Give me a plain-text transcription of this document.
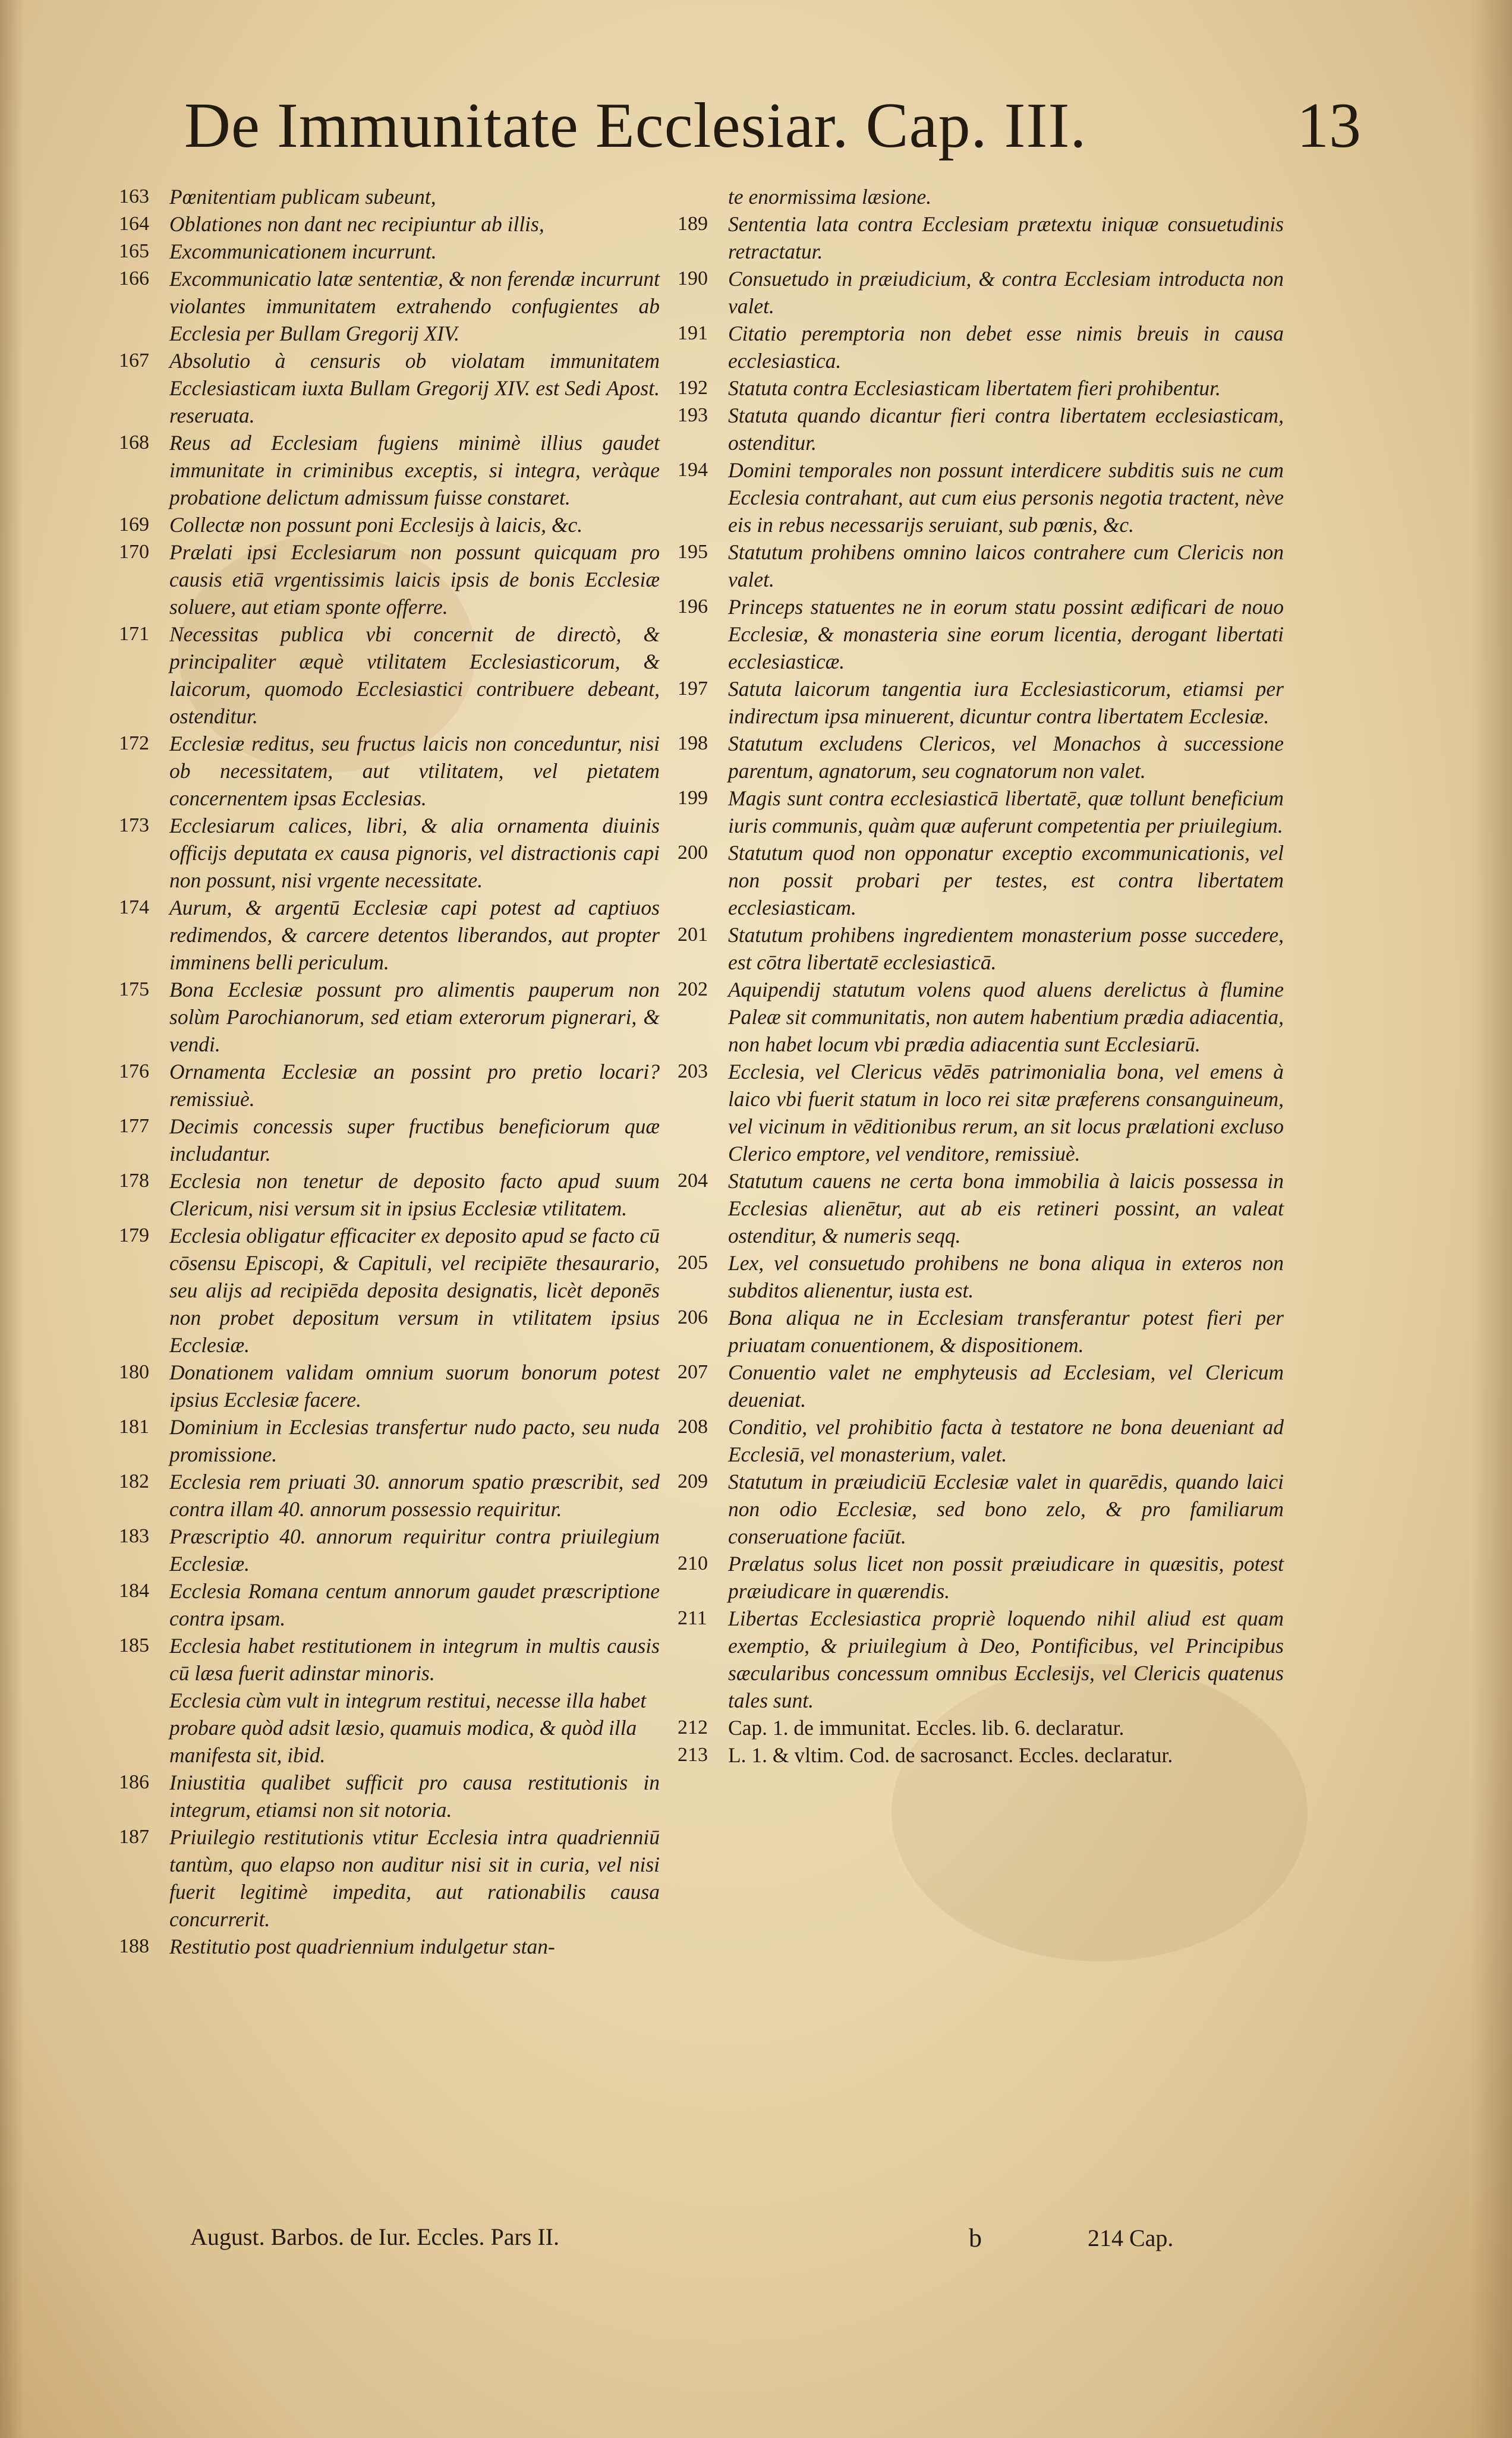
De Immunitate Ecclesiar. Cap. III.	13

163 Pœnitentiam publicam subeunt,

164 Oblationes non dant nec recipiuntur ab illis,

165 Excommunicationem incurrunt.

166 Excommunicatio latæ sententiæ, & non ferendæ incurrunt violantes immunitatem extrahendo confugientes ab Ecclesia per Bullam Gregorij XIV.

167 Absolutio à censuris ob violatam immunitatem Ecclesiasticam iuxta Bullam Gregorij XIV. est Sedi Apost. reseruata.

168 Reus ad Ecclesiam fugiens minimè illius gaudet immunitate in criminibus exceptis, si integra, veràque probatione delictum admissum fuisse constaret.

169 Collectæ non possunt poni Ecclesijs à laicis, &c.

170 Prælati ipsi Ecclesiarum non possunt quicquam pro causis etiā vrgentissimis laicis ipsis de bonis Ecclesiæ soluere, aut etiam sponte offerre.

171 Necessitas publica vbi concernit de directò, & principaliter æquè vtilitatem Ecclesiasticorum, & laicorum, quomodo Ecclesiastici contribuere debeant, ostenditur.

172 Ecclesiæ reditus, seu fructus laicis non conceduntur, nisi ob necessitatem, aut vtilitatem, vel pietatem concernentem ipsas Ecclesias.

173 Ecclesiarum calices, libri, & alia ornamenta diuinis officijs deputata ex causa pignoris, vel distractionis capi non possunt, nisi vrgente necessitate.

174 Aurum, & argentū Ecclesiæ capi potest ad captiuos redimendos, & carcere detentos liberandos, aut propter imminens belli periculum.

175 Bona Ecclesiæ possunt pro alimentis pauperum non solùm Parochianorum, sed etiam exterorum pignerari, & vendi.

176 Ornamenta Ecclesiæ an possint pro pretio locari? remissiuè.

177 Decimis concessis super fructibus beneficiorum quæ includantur.

178 Ecclesia non tenetur de deposito facto apud suum Clericum, nisi versum sit in ipsius Ecclesiæ vtilitatem.

179 Ecclesia obligatur efficaciter ex deposito apud se facto cū cōsensu Episcopi, & Capituli, vel recipiēte thesaurario, seu alijs ad recipiēda deposita designatis, licèt deponēs non probet depositum versum in vtilitatem ipsius Ecclesiæ.

180 Donationem validam omnium suorum bonorum potest ipsius Ecclesiæ facere.

181 Dominium in Ecclesias transfertur nudo pacto, seu nuda promissione.

182 Ecclesia rem priuati 30. annorum spatio præscribit, sed contra illam 40. annorum possessio requiritur.

183 Præscriptio 40. annorum requiritur contra priuilegium Ecclesiæ.

184 Ecclesia Romana centum annorum gaudet præscriptione contra ipsam.

185 Ecclesia habet restitutionem in integrum in multis causis cū læsa fuerit adinstar minoris.

Ecclesia cùm vult in integrum restitui, necesse illa habet probare quòd adsit læsio, quamuis modica, & quòd illa manifesta sit, ibid.

186 Iniustitia qualibet sufficit pro causa restitutionis in integrum, etiamsi non sit notoria.

187 Priuilegio restitutionis vtitur Ecclesia intra quadrienniū tantùm, quo elapso non auditur nisi sit in curia, vel nisi fuerit legitimè impedita, aut rationabilis causa concurrerit.

188 Restitutio post quadriennium indulgetur stan-

te enormissima læsione.

189 Sententia lata contra Ecclesiam prætextu iniquæ consuetudinis retractatur.

190 Consuetudo in præiudicium, & contra Ecclesiam introducta non valet.

191 Citatio peremptoria non debet esse nimis breuis in causa ecclesiastica.

192 Statuta contra Ecclesiasticam libertatem fieri prohibentur.

193 Statuta quando dicantur fieri contra libertatem ecclesiasticam, ostenditur.

194 Domini temporales non possunt interdicere subditis suis ne cum Ecclesia contrahant, aut cum eius personis negotia tractent, nève eis in rebus necessarijs seruiant, sub pœnis, &c.

195 Statutum prohibens omnino laicos contrahere cum Clericis non valet.

196 Princeps statuentes ne in eorum statu possint ædificari de nouo Ecclesiæ, & monasteria sine eorum licentia, derogant libertati ecclesiasticæ.

197 Satuta laicorum tangentia iura Ecclesiasticorum, etiamsi per indirectum ipsa minuerent, dicuntur contra libertatem Ecclesiæ.

198 Statutum excludens Clericos, vel Monachos à successione parentum, agnatorum, seu cognatorum non valet.

199 Magis sunt contra ecclesiasticā libertatē, quæ tollunt beneficium iuris communis, quàm quæ auferunt competentia per priuilegium.

200 Statutum quod non opponatur exceptio excommunicationis, vel non possit probari per testes, est contra libertatem ecclesiasticam.

201 Statutum prohibens ingredientem monasterium posse succedere, est cōtra libertatē ecclesiasticā.

202 Aquipendij statutum volens quod aluens derelictus à flumine Paleæ sit communitatis, non autem habentium prædia adiacentia, non habet locum vbi prædia adiacentia sunt Ecclesiarū.

203 Ecclesia, vel Clericus vēdēs patrimonialia bona, vel emens à laico vbi fuerit statum in loco rei sitæ præferens consanguineum, vel vicinum in vēditionibus rerum, an sit locus prælationi excluso Clerico emptore, vel venditore, remissiuè.

204 Statutum cauens ne certa bona immobilia à laicis possessa in Ecclesias alienētur, aut ab eis retineri possint, an valeat ostenditur, & numeris seqq.

205 Lex, vel consuetudo prohibens ne bona aliqua in exteros non subditos alienentur, iusta est.

206 Bona aliqua ne in Ecclesiam transferantur potest fieri per priuatam conuentionem, & dispositionem.

207 Conuentio valet ne emphyteusis ad Ecclesiam, vel Clericum deueniat.

208 Conditio, vel prohibitio facta à testatore ne bona deueniant ad Ecclesiā, vel monasterium, valet.

209 Statutum in præiudiciū Ecclesiæ valet in quarēdis, quando laici non odio Ecclesiæ, sed bono zelo, & pro familiarum conseruatione faciūt.

210 Prælatus solus licet non possit præiudicare in quæsitis, potest præiudicare in quærendis.

211 Libertas Ecclesiastica propriè loquendo nihil aliud est quam exemptio, & priuilegium à Deo, Pontificibus, vel Principibus sæcularibus concessum omnibus Ecclesijs, vel Clericis quatenus tales sunt.

212 Cap. 1. de immunitat. Eccles. lib. 6. declaratur.

213 L. 1. & vltim. Cod. de sacrosanct. Eccles. declaratur.

August. Barbos. de Iur. Eccles. Pars II.	b	214 Cap.
